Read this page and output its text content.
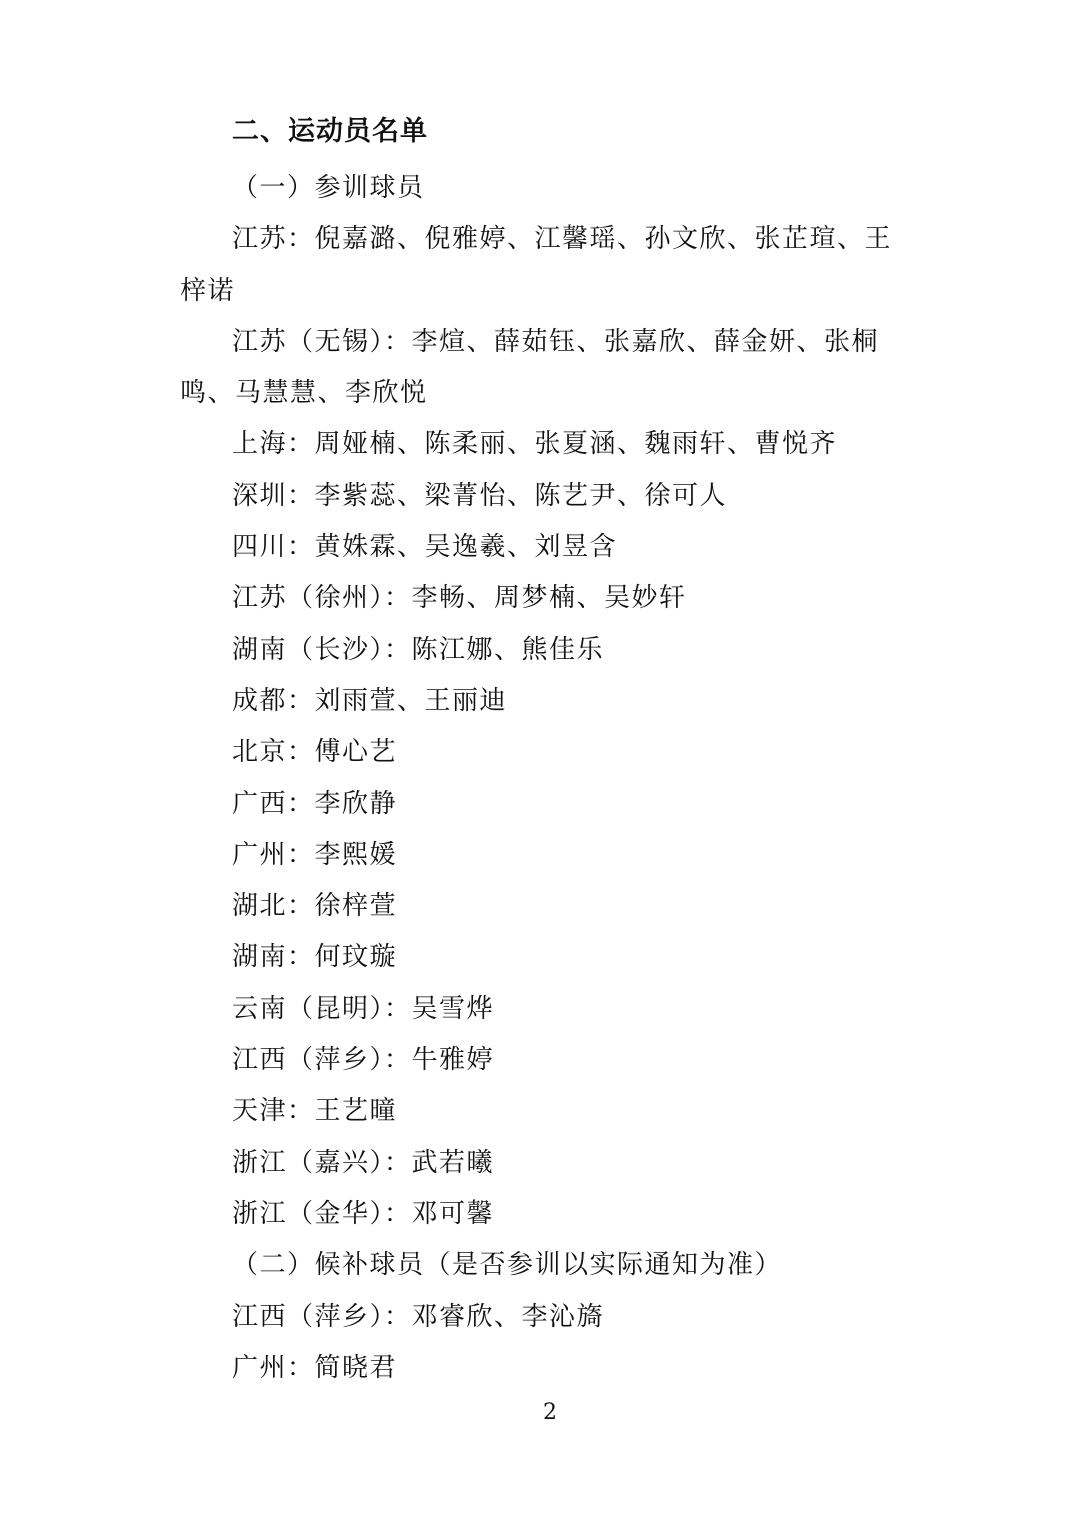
二、运动员名单

（一）参训球员

江苏：倪嘉潞、倪雅婷、江馨瑶、孙文欣、张芷瑄、王梓诺

江苏（无锡）：李煊、薛茹钰、张嘉欣、薛金妍、张桐鸣、马慧慧、李欣悦

上海：周娅楠、陈柔丽、张夏涵、魏雨轩、曹悦齐

深圳：李紫蕊、梁菁怡、陈艺尹、徐可人

四川：黄姝霖、吴逸羲、刘昱含

江苏（徐州）：李畅、周梦楠、吴妙轩

湖南（长沙）：陈江娜、熊佳乐

成都：刘雨萱、王丽迪

北京：傅心艺

广西：李欣静

广州：李熙媛

湖北：徐梓萱

湖南：何玟璇

云南（昆明）：吴雪烨

江西（萍乡）：牛雅婷

天津：王艺曈

浙江（嘉兴）：武若曦

浙江（金华）：邓可馨

（二）候补球员（是否参训以实际通知为准）

江西（萍乡）：邓睿欣、李沁旖

广州：简晓君

2
